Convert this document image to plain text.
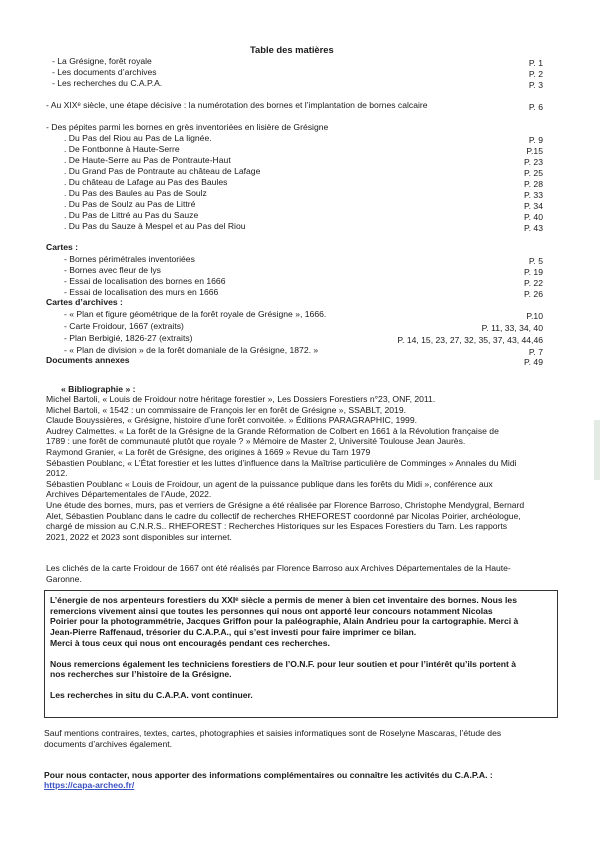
Table des matières
- La Grésigne, forêt royale	P. 1
- Les documents d’archives	P. 2
- Les recherches du C.A.P.A.	P. 3
- Au XIXᵉ siècle, une étape décisive : la numérotation des bornes et l’implantation de bornes calcaire	P. 6
- Des pépites parmi les bornes en grès inventoriées en lisière de Grésigne
. Du Pas del Riou au Pas de La lignée.	P. 9
. De Fontbonne à Haute-Serre	P.15
. De Haute-Serre au Pas de Pontraute-Haut	P. 23
. Du Grand Pas de Pontraute au château de Lafage	P. 25
. Du château de Lafage au Pas des Baules	P. 28
. Du Pas des Baules au Pas de Soulz	P. 33
. Du Pas de Soulz au Pas de Littré	P. 34
. Du Pas de Littré au Pas du Sauze	P. 40
. Du Pas du Sauze à Mespel et au Pas del Riou	P. 43
Cartes :
- Bornes périmétrales inventoriées	P. 5
- Bornes avec fleur de lys	P. 19
- Essai de localisation des bornes en 1666	P. 22
- Essai de localisation des murs en 1666	P. 26
Cartes d’archives :
- « Plan et figure géométrique de la forêt royale de Grésigne », 1666.	P.10
- Carte Froidour, 1667 (extraits)	P. 11, 33, 34, 40
- Plan Berbigié, 1826-27 (extraits)	P. 14, 15, 23, 27, 32, 35, 37, 43, 44,46
- « Plan de division » de la forêt domaniale de la Grésigne, 1872. »	P. 7
Documents annexes	P. 49
« Bibliographie » :
Michel Bartoli, « Louis de Froidour notre héritage forestier », Les Dossiers Forestiers n°23, ONF, 2011.
Michel Bartoli, « 1542 : un commissaire de François Ier en forêt de Grésigne », SSABLT, 2019.
Claude Bouyssières, « Grésigne, histoire d’une forêt convoitée. » Éditions PARAGRAPHIC, 1999.
Audrey Calmettes. « La forêt de la Grésigne de la Grande Réformation de Colbert en 1661 à la Révolution française de
1789 : une forêt de communauté plutôt que royale ? » Mémoire de Master 2, Université Toulouse Jean Jaurès.
Raymond Granier, « La forêt de Grésigne, des origines à 1669 » Revue du Tarn 1979
Sébastien Poublanc, « L’État forestier et les luttes d’influence dans la Maîtrise particulière de Comminges » Annales du Midi
2012.
Sébastien Poublanc « Louis de Froidour, un agent de la puissance publique dans les forêts du Midi », conférence aux
Archives Départementales de l’Aude, 2022.
Une étude des bornes, murs, pas et verriers de Grésigne a été réalisée par Florence Barroso, Christophe Mendygral, Bernard
Alet, Sébastien Poublanc dans le cadre du collectif de recherches RHEFOREST coordonné par Nicolas Poirier, archéologue,
chargé de mission au C.N.R.S.. RHEFOREST : Recherches Historiques sur les Espaces Forestiers du Tarn. Les rapports
2021, 2022 et 2023 sont disponibles sur internet.
Les clichés de la carte Froidour de 1667 ont été réalisés par Florence Barroso aux Archives Départementales de la Haute-
Garonne.

L’énergie de nos arpenteurs forestiers du XXIᵉ siècle a permis de mener à bien cet inventaire des bornes. Nous les

remercions vivement ainsi que toutes les personnes qui nous ont apporté leur concours notamment Nicolas

Poirier pour la photogrammétrie, Jacques Griffon pour la paléographie, Alain Andrieu pour la cartographie. Merci à

Jean-Pierre Raffenaud, trésorier du C.A.P.A., qui s’est investi pour faire imprimer ce bilan.

Merci à tous ceux qui nous ont encouragés pendant ces recherches.

Nous remercions également les techniciens forestiers de l’O.N.F. pour leur soutien et pour l’intérêt qu’ils portent à

nos recherches sur l’histoire de la Grésigne.

Les recherches in situ du C.A.P.A. vont continuer.

Sauf mentions contraires, textes, cartes, photographies et saisies informatiques sont de Roselyne Mascaras, l’étude des
documents d’archives également.
Pour nous contacter, nous apporter des informations complémentaires ou connaître les activités du C.A.P.A. :
https://capa-archeo.fr/
